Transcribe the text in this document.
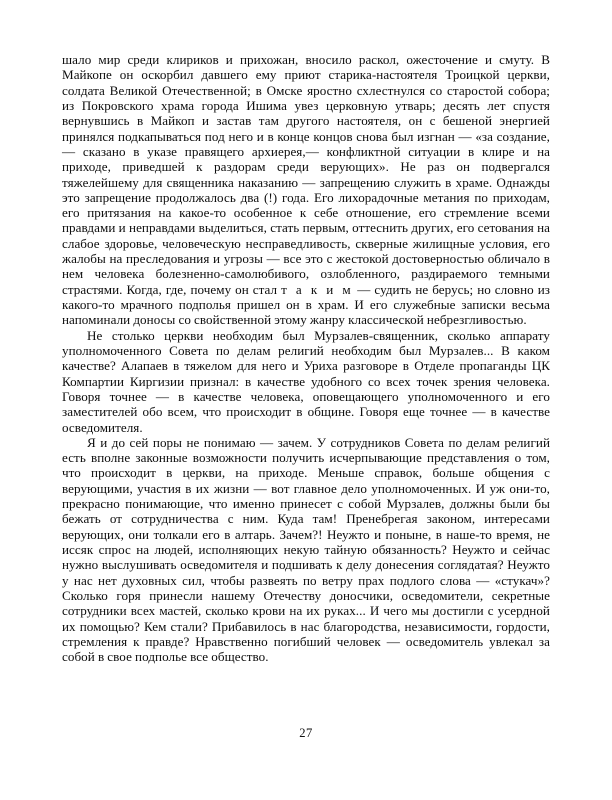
шало мир среди клириков и прихожан, вносило раскол, ожесточение и смуту. В Майкопе он оскорбил давшего ему приют старика-настоятеля Троицкой церкви, солдата Великой Отечественной; в Омске яростно схлестнулся со старостой собора; из Покровского храма города Ишима увез церковную утварь; десять лет спустя вернувшись в Майкоп и застав там другого настоятеля, он с бешеной энергией принялся подкапываться под него и в конце концов снова был изгнан — «за создание,— сказано в указе правящего архиерея,— конфликтной ситуации в клире и на приходе, приведшей к раздорам среди верующих». Не раз он подвергался тяжелейшему для священника наказанию — запрещению служить в храме. Однажды это запрещение продолжалось два (!) года. Его лихорадочные метания по приходам, его притязания на какое-то особенное к себе отношение, его стремление всеми правдами и неправдами выделиться, стать первым, оттеснить других, его сетования на слабое здоровье, человеческую несправедливость, скверные жилищные условия, его жалобы на преследования и угрозы — все это с жестокой достоверностью обличало в нем человека болезненно-самолюбивого, озлобленного, раздираемого темными страстями. Когда, где, почему он стал т а к и м — судить не берусь; но словно из какого-то мрачного подполья пришел он в храм. И его служебные записки весьма напоминали доносы со свойственной этому жанру классической небрезгливостью.

Не столько церкви необходим был Мурзалев-священник, сколько аппарату уполномоченного Совета по делам религий необходим был Мурзалев... В каком качестве? Алапаев в тяжелом для него и Уриха разговоре в Отделе пропаганды ЦК Компартии Киргизии признал: в качестве удобного со всех точек зрения человека. Говоря точнее — в качестве человека, оповещающего уполномоченного и его заместителей обо всем, что происходит в общине. Говоря еще точнее — в качестве осведомителя.

Я и до сей поры не понимаю — зачем. У сотрудников Совета по делам религий есть вполне законные возможности получить исчерпывающие представления о том, что происходит в церкви, на приходе. Меньше справок, больше общения с верующими, участия в их жизни — вот главное дело уполномоченных. И уж они-то, прекрасно понимающие, что именно принесет с собой Мурзалев, должны были бы бежать от сотрудничества с ним. Куда там! Пренебрегая законом, интересами верующих, они толкали его в алтарь. Зачем?! Неужто и поныне, в наше-то время, не иссяк спрос на людей, исполняющих некую тайную обязанность? Неужто и сейчас нужно выслушивать осведомителя и подшивать к делу донесения соглядатая? Неужто у нас нет духовных сил, чтобы развеять по ветру прах подлого слова — «стукач»? Сколько горя принесли нашему Отечеству доносчики, осведомители, секретные сотрудники всех мастей, сколько крови на их руках... И чего мы достигли с усердной их помощью? Кем стали? Прибавилось в нас благородства, независимости, гордости, стремления к правде? Нравственно погибший человек — осведомитель увлекал за собой в свое подполье все общество.

27
